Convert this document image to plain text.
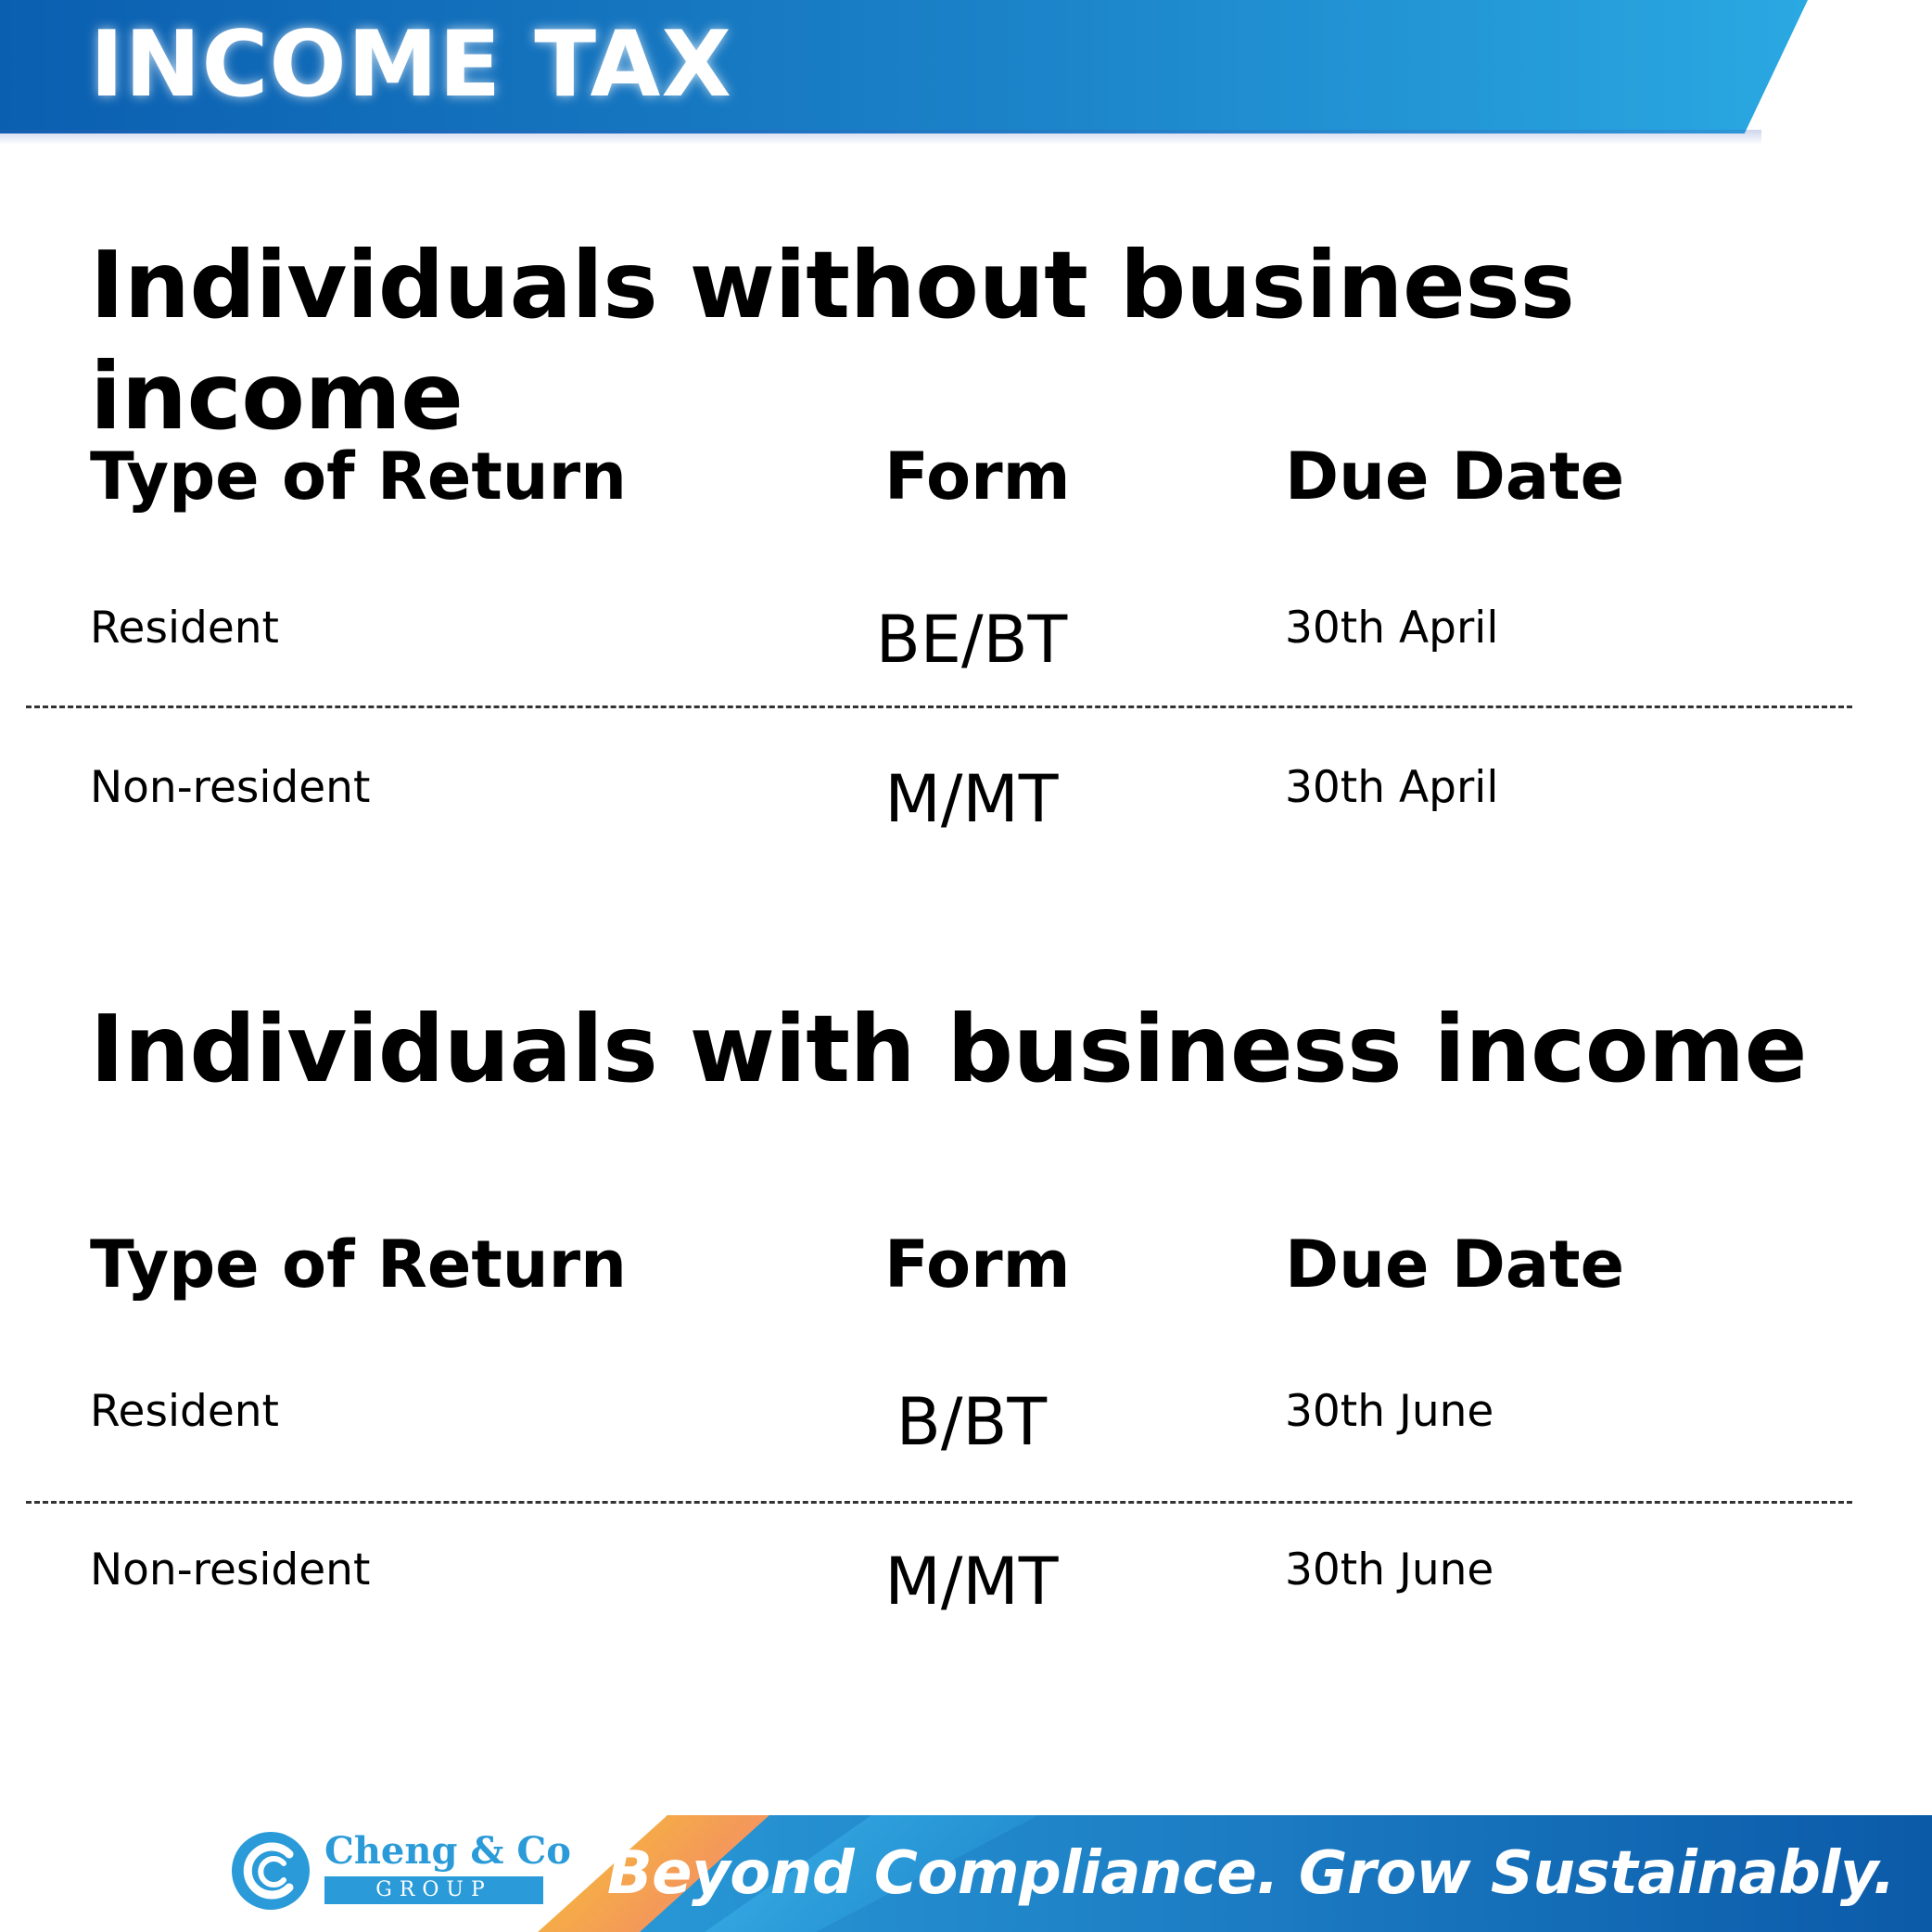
INCOME TAX
Individuals without business income
Type of Return	Form	Due Date
Resident	BE/BT	30th April
Non-resident	M/MT	30th April
Individuals with business income
Type of Return	Form	Due Date
Resident	B/BT	30th June
Non-resident	M/MT	30th June
Beyond Compliance. Grow Sustainably.
Cheng & Co
GROUP
